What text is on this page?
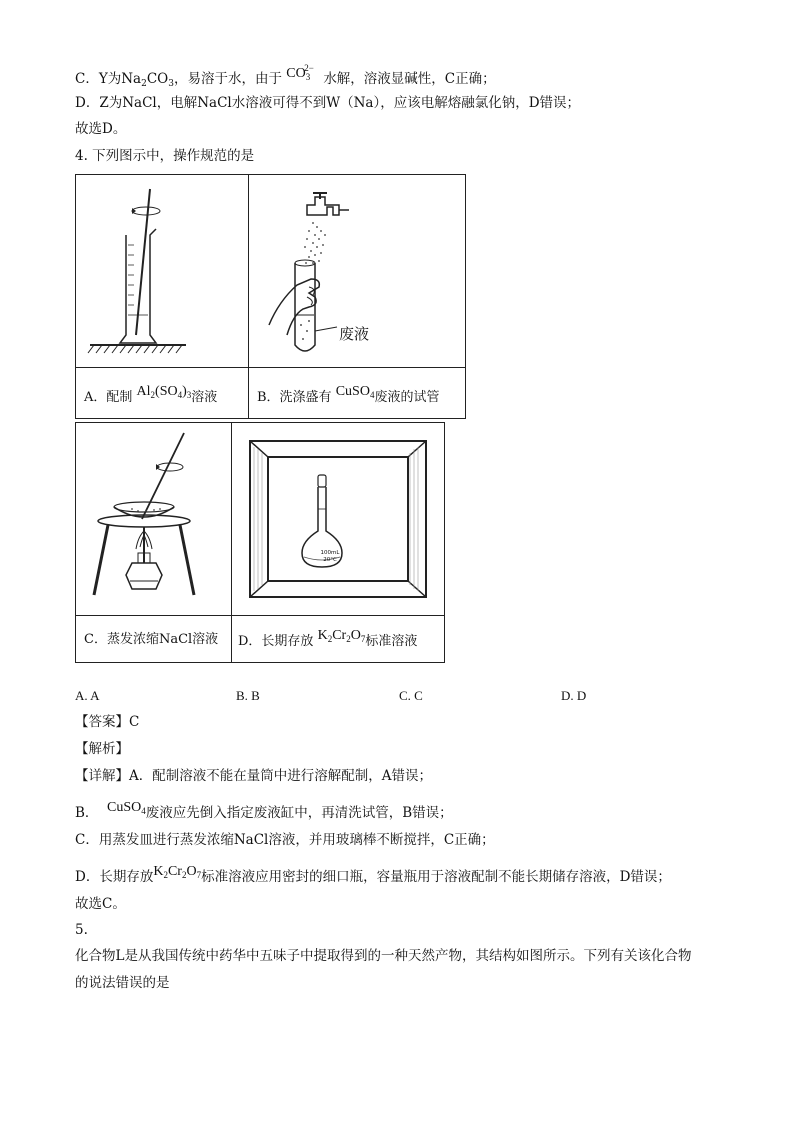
C．Y为$Na_2CO_3$，易溶于水，由于 $CO_3^{2-}$ 水解，溶液显碱性，C正确；
D．Z为NaCl，电解NaCl水溶液可得不到W（Na），应该电解熔融氯化钠，D错误；
故选D。
4. 下列图示中，操作规范的是
A．配制 $Al_2(SO_4)_3$溶液
废液
B．洗涤盛有 CuSO$_4$废液的试管
C．蒸发浓缩NaCl溶液
100mL
20°C
D．长期存放 $K_2Cr_2O_7$标准溶液
A. A	B. B	C. C	D. D
【答案】C
【解析】
【详解】A．配制溶液不能在量筒中进行溶解配制，A错误；
B． CuSO$_4$废液应先倒入指定废液缸中，再清洗试管，B错误；
C．用蒸发皿进行蒸发浓缩NaCl溶液，并用玻璃棒不断搅拌，C正确；
D．长期存放$K_2Cr_2O_7$标准溶液应用密封的细口瓶，容量瓶用于溶液配制不能长期储存溶液，D错误；
故选C。
5.
化合物L是从我国传统中药华中五味子中提取得到的一种天然产物，其结构如图所示。下列有关该化合物
的说法错误的是
